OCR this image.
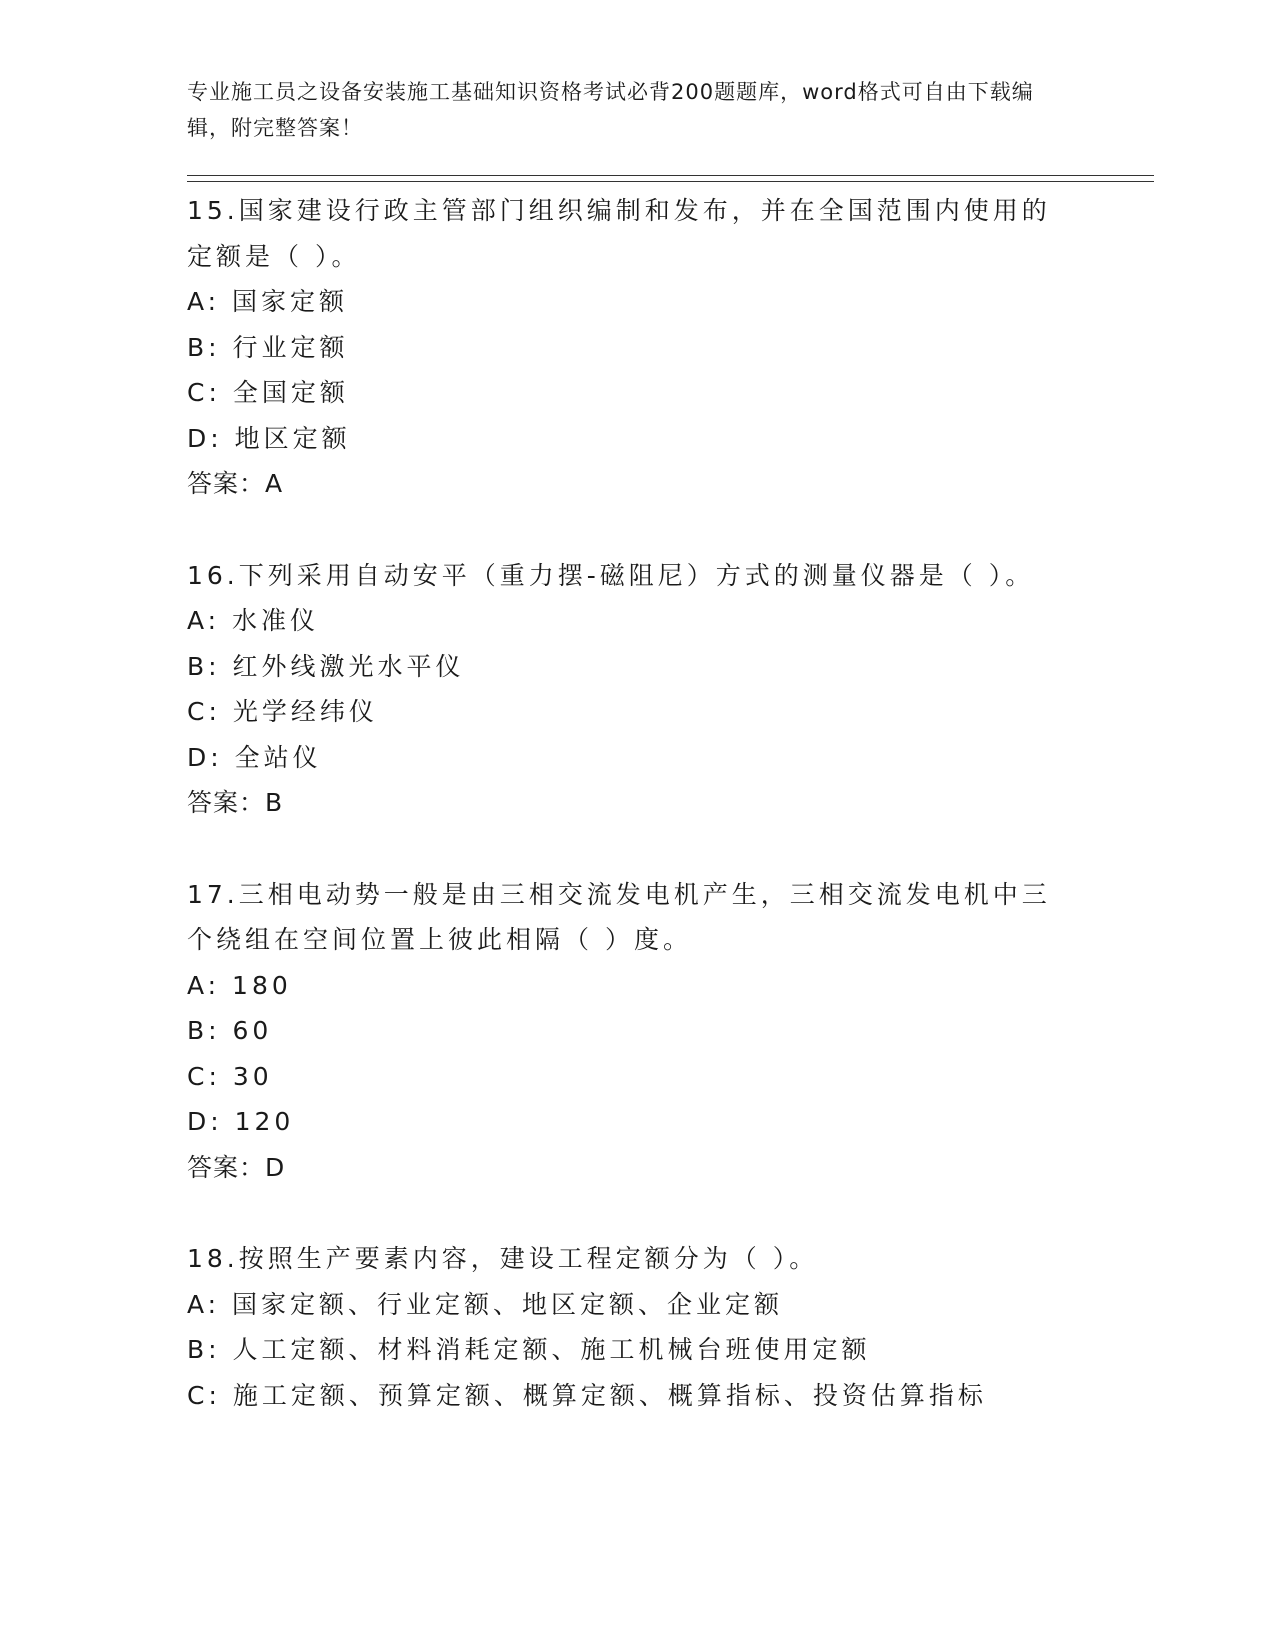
专业施工员之设备安装施工基础知识资格考试必背200题题库，word格式可自由下载编辑，附完整答案！
15.国家建设行政主管部门组织编制和发布，并在全国范围内使用的定额是（ ）。
A: 国家定额
B: 行业定额
C: 全国定额
D: 地区定额
答案：A
16.下列采用自动安平（重力摆-磁阻尼）方式的测量仪器是（ ）。
A: 水准仪
B: 红外线激光水平仪
C: 光学经纬仪
D: 全站仪
答案：B
17.三相电动势一般是由三相交流发电机产生，三相交流发电机中三个绕组在空间位置上彼此相隔（ ）度。
A: 180
B: 60
C: 30
D: 120
答案：D
18.按照生产要素内容，建设工程定额分为（ ）。
A: 国家定额、行业定额、地区定额、企业定额
B: 人工定额、材料消耗定额、施工机械台班使用定额
C: 施工定额、预算定额、概算定额、概算指标、投资估算指标
